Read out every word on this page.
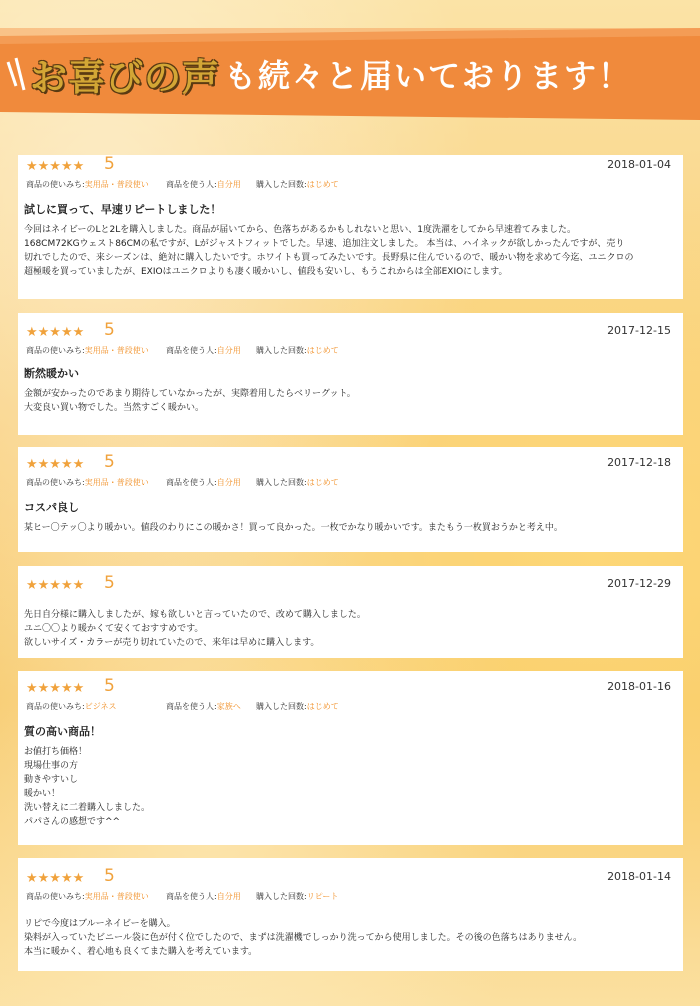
お喜びの声 も続々と届いております！
★★★★★ 5	2018-01-04
商品の使いみち:実用品・普段使い 商品を使う人:自分用 購入した回数:はじめて
試しに買って、早速リピートしました！
今回はネイビーのLと2Lを購入しました。商品が届いてから、色落ちがあるかもしれないと思い、1度洗濯をしてから早速着てみました。
168CM72KGウェスト86CMの私ですが、Lがジャストフィットでした。早速、追加注文しました。 本当は、ハイネックが欲しかったんですが、売り
切れでしたので、来シーズンは、絶対に購入したいです。ホワイトも買ってみたいです。長野県に住んでいるので、暖かい物を求めて今迄、ユニクロの
超極暖を買っていましたが、EXIOはユニクロよりも凄く暖かいし、値段も安いし、もうこれからは全部EXIOにします。
★★★★★ 5	2017-12-15
商品の使いみち:実用品・普段使い 商品を使う人:自分用 購入した回数:はじめて
断然暖かい
金額が安かったのであまり期待していなかったが、実際着用したらベリーグット。
大変良い買い物でした。当然すごく暖かい。
★★★★★ 5	2017-12-18
商品の使いみち:実用品・普段使い 商品を使う人:自分用 購入した回数:はじめて
コスパ良し
某ヒー〇テッ〇より暖かい。値段のわりにこの暖かさ！買って良かった。一枚でかなり暖かいです。またもう一枚買おうかと考え中。
★★★★★ 5	2017-12-29
先日自分様に購入しましたが、嫁も欲しいと言っていたので、改めて購入しました。
ユニ〇〇より暖かくて安くておすすめです。
欲しいサイズ・カラーが売り切れていたので、来年は早めに購入します。
★★★★★ 5	2018-01-16
商品の使いみち:ビジネス	商品を使う人:家族へ 購入した回数:はじめて
質の高い商品！
お値打ち価格！
現場仕事の方
動きやすいし
暖かい！
洗い替えに二着購入しました。
パパさんの感想です^^
★★★★★ 5	2018-01-14
商品の使いみち:実用品・普段使い 商品を使う人:自分用 購入した回数:リピート
リピで今度はブルーネイビーを購入。
染料が入っていたビニール袋に色が付く位でしたので、まずは洗濯機でしっかり洗ってから使用しました。その後の色落ちはありません。
本当に暖かく、着心地も良くてまた購入を考えています。
